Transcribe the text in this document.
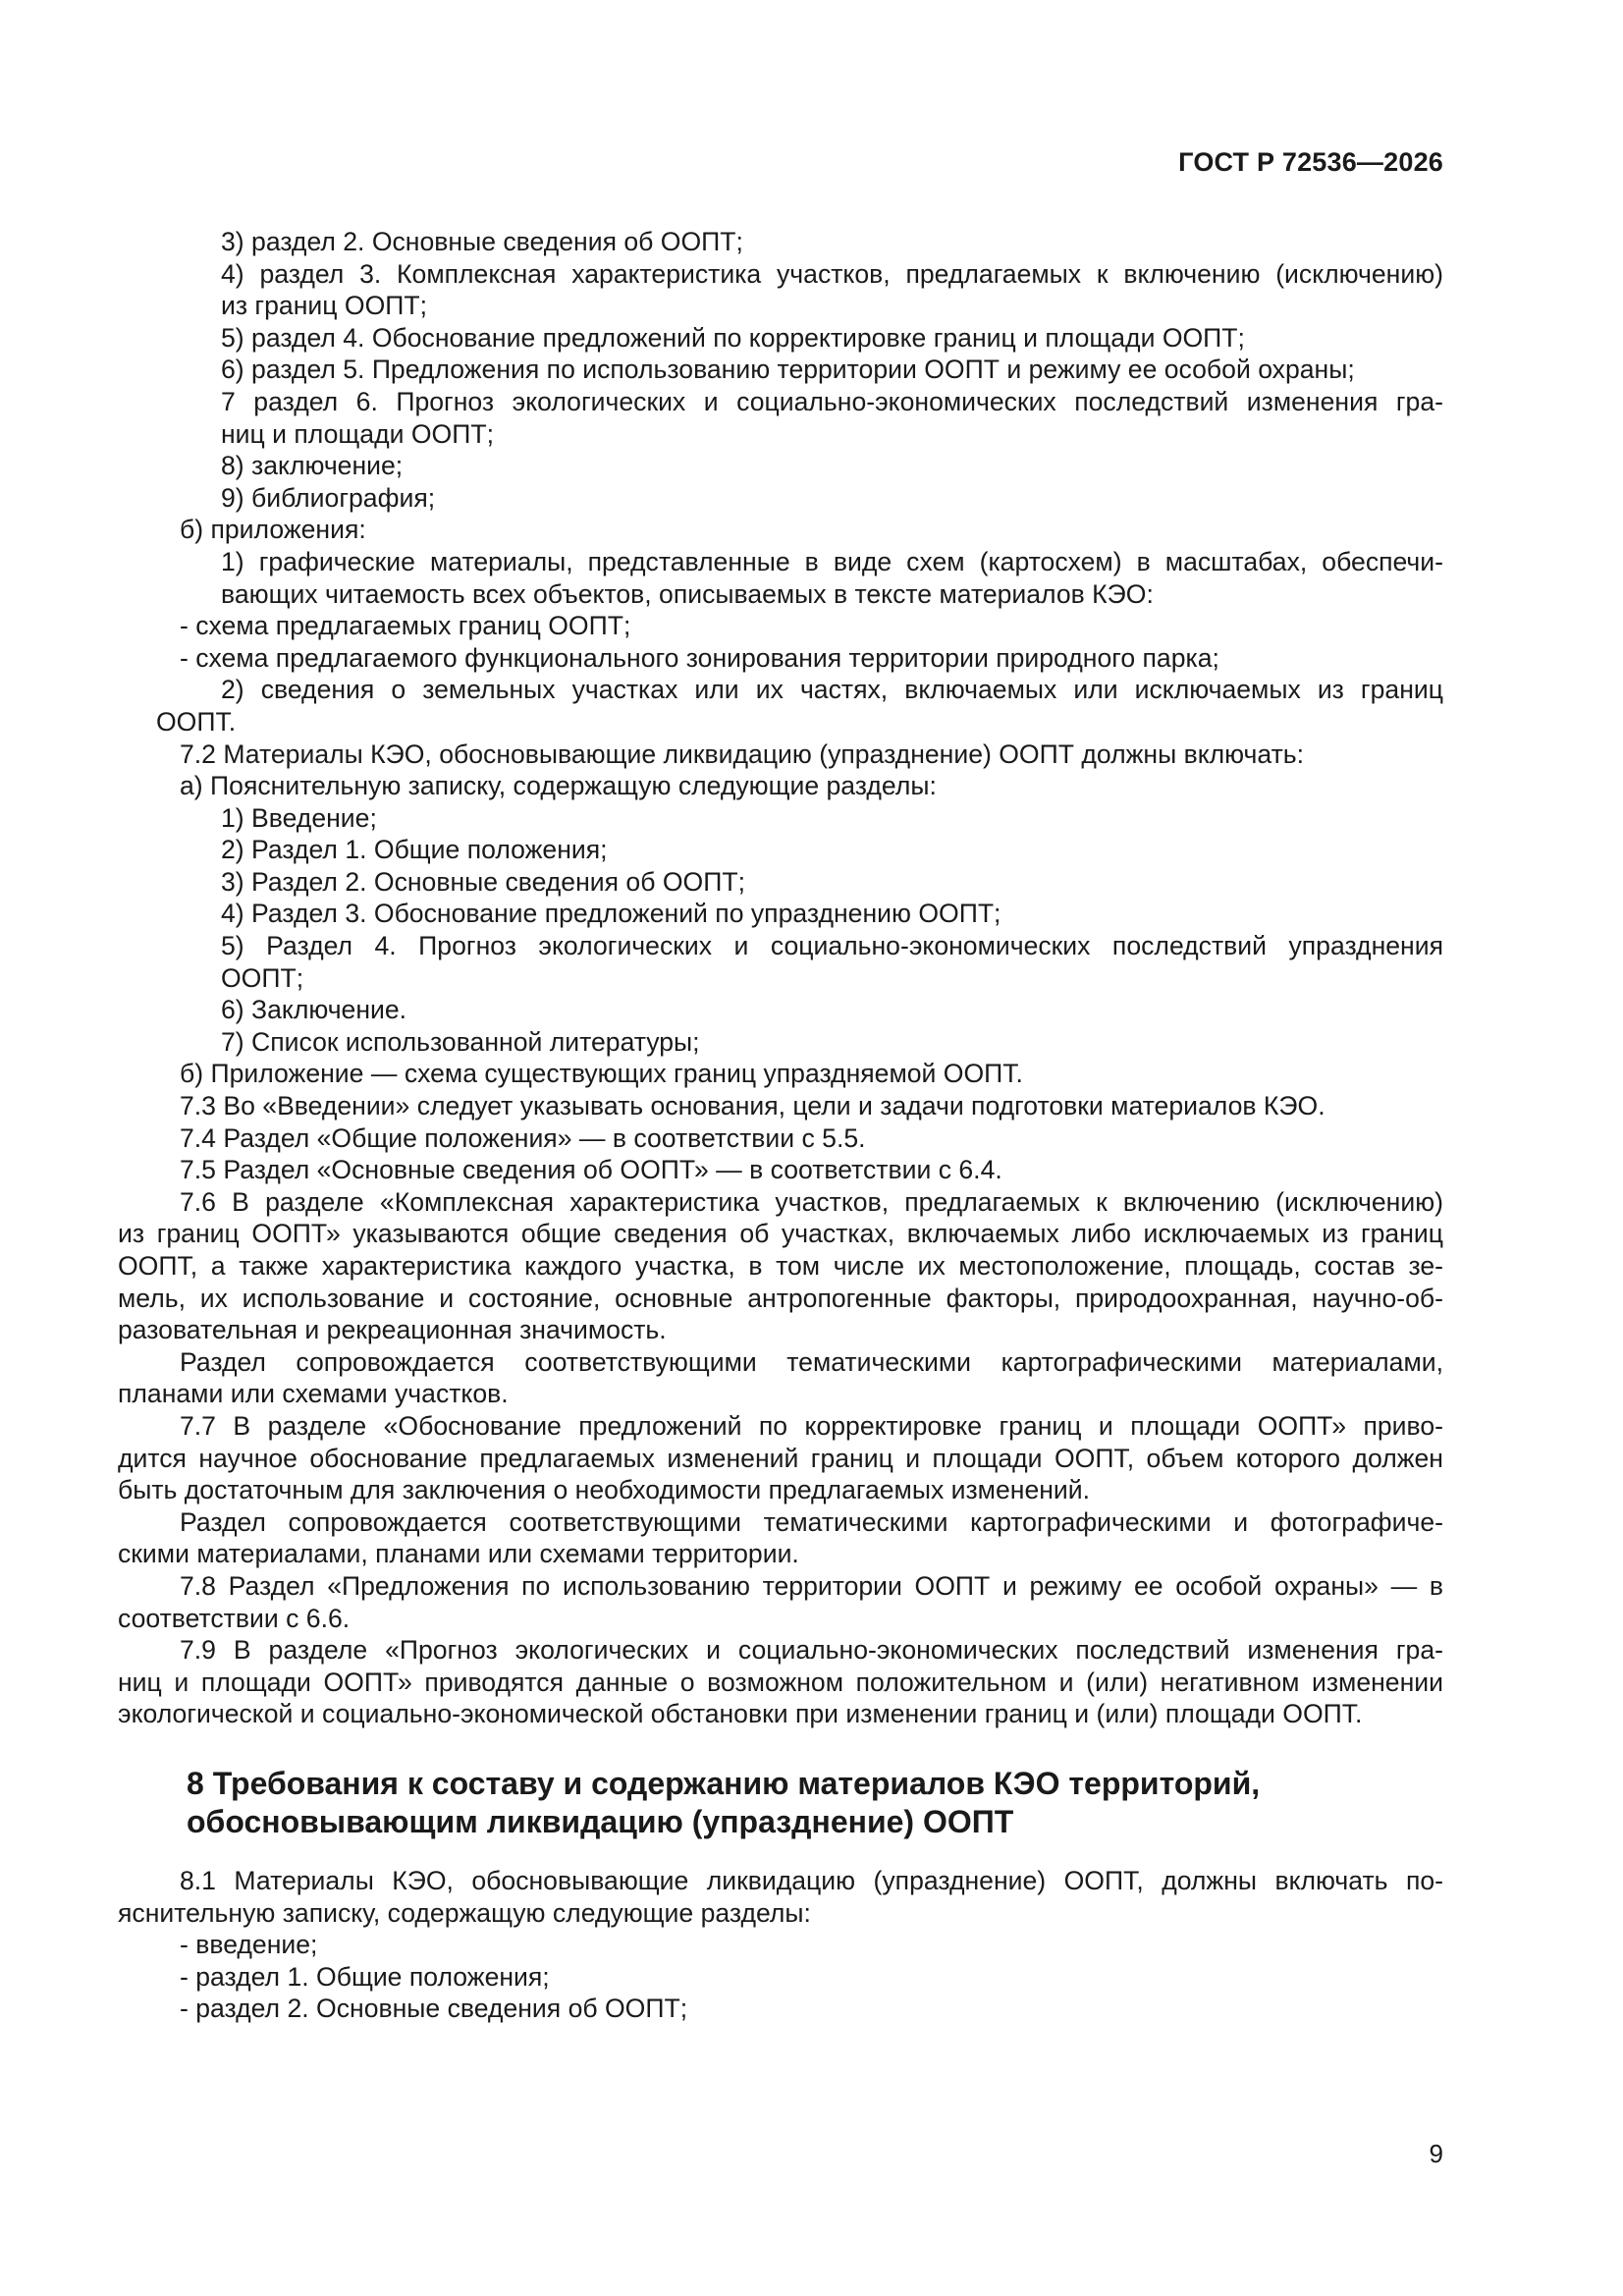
ГОСТ Р 72536—2026

3) раздел 2. Основные сведения об ООПТ;

4) раздел 3. Комплексная характеристика участков, предлагаемых к включению (исключению)

из границ ООПТ;

5) раздел 4. Обоснование предложений по корректировке границ и площади ООПТ;

6) раздел 5. Предложения по использованию территории ООПТ и режиму ее особой охраны;

7 раздел 6. Прогноз экологических и социально-экономических последствий изменения гра-

ниц и площади ООПТ;

8) заключение;

9) библиография;

б) приложения:

1) графические материалы, представленные в виде схем (картосхем) в масштабах, обеспечи-

вающих читаемость всех объектов, описываемых в тексте материалов КЭО:

- схема предлагаемых границ ООПТ;

- схема предлагаемого функционального зонирования территории природного парка;

2) сведения о земельных участках или их частях, включаемых или исключаемых из границ

ООПТ.

7.2 Материалы КЭО, обосновывающие ликвидацию (упразднение) ООПТ должны включать:

а) Пояснительную записку, содержащую следующие разделы:

1) Введение;

2) Раздел 1. Общие положения;

3) Раздел 2. Основные сведения об ООПТ;

4) Раздел 3. Обоснование предложений по упразднению ООПТ;

5) Раздел 4. Прогноз экологических и социально-экономических последствий упразднения

ООПТ;

6) Заключение.

7) Список использованной литературы;

б) Приложение — схема существующих границ упраздняемой ООПТ.

7.3 Во «Введении» следует указывать основания, цели и задачи подготовки материалов КЭО.

7.4 Раздел «Общие положения» — в соответствии с 5.5.

7.5 Раздел «Основные сведения об ООПТ» — в соответствии с 6.4.

7.6 В разделе «Комплексная характеристика участков, предлагаемых к включению (исключению)

из границ ООПТ» указываются общие сведения об участках, включаемых либо исключаемых из границ

ООПТ, а также характеристика каждого участка, в том числе их местоположение, площадь, состав зе-

мель, их использование и состояние, основные антропогенные факторы, природоохранная, научно-об-

разовательная и рекреационная значимость.

Раздел сопровождается соответствующими тематическими картографическими материалами,

планами или схемами участков.

7.7 В разделе «Обоснование предложений по корректировке границ и площади ООПТ» приво-

дится научное обоснование предлагаемых изменений границ и площади ООПТ, объем которого должен

быть достаточным для заключения о необходимости предлагаемых изменений.

Раздел сопровождается соответствующими тематическими картографическими и фотографиче-

скими материалами, планами или схемами территории.

7.8 Раздел «Предложения по использованию территории ООПТ и режиму ее особой охраны» — в

соответствии с 6.6.

7.9 В разделе «Прогноз экологических и социально-экономических последствий изменения гра-

ниц и площади ООПТ» приводятся данные о возможном положительном и (или) негативном изменении

экологической и социально-экономической обстановки при изменении границ и (или) площади ООПТ.

8 Требования к составу и содержанию материалов КЭО территорий, обосновывающим ликвидацию (упразднение) ООПТ

8.1 Материалы КЭО, обосновывающие ликвидацию (упразднение) ООПТ, должны включать по-

яснительную записку, содержащую следующие разделы:

- введение;

- раздел 1. Общие положения;

- раздел 2. Основные сведения об ООПТ;

9
